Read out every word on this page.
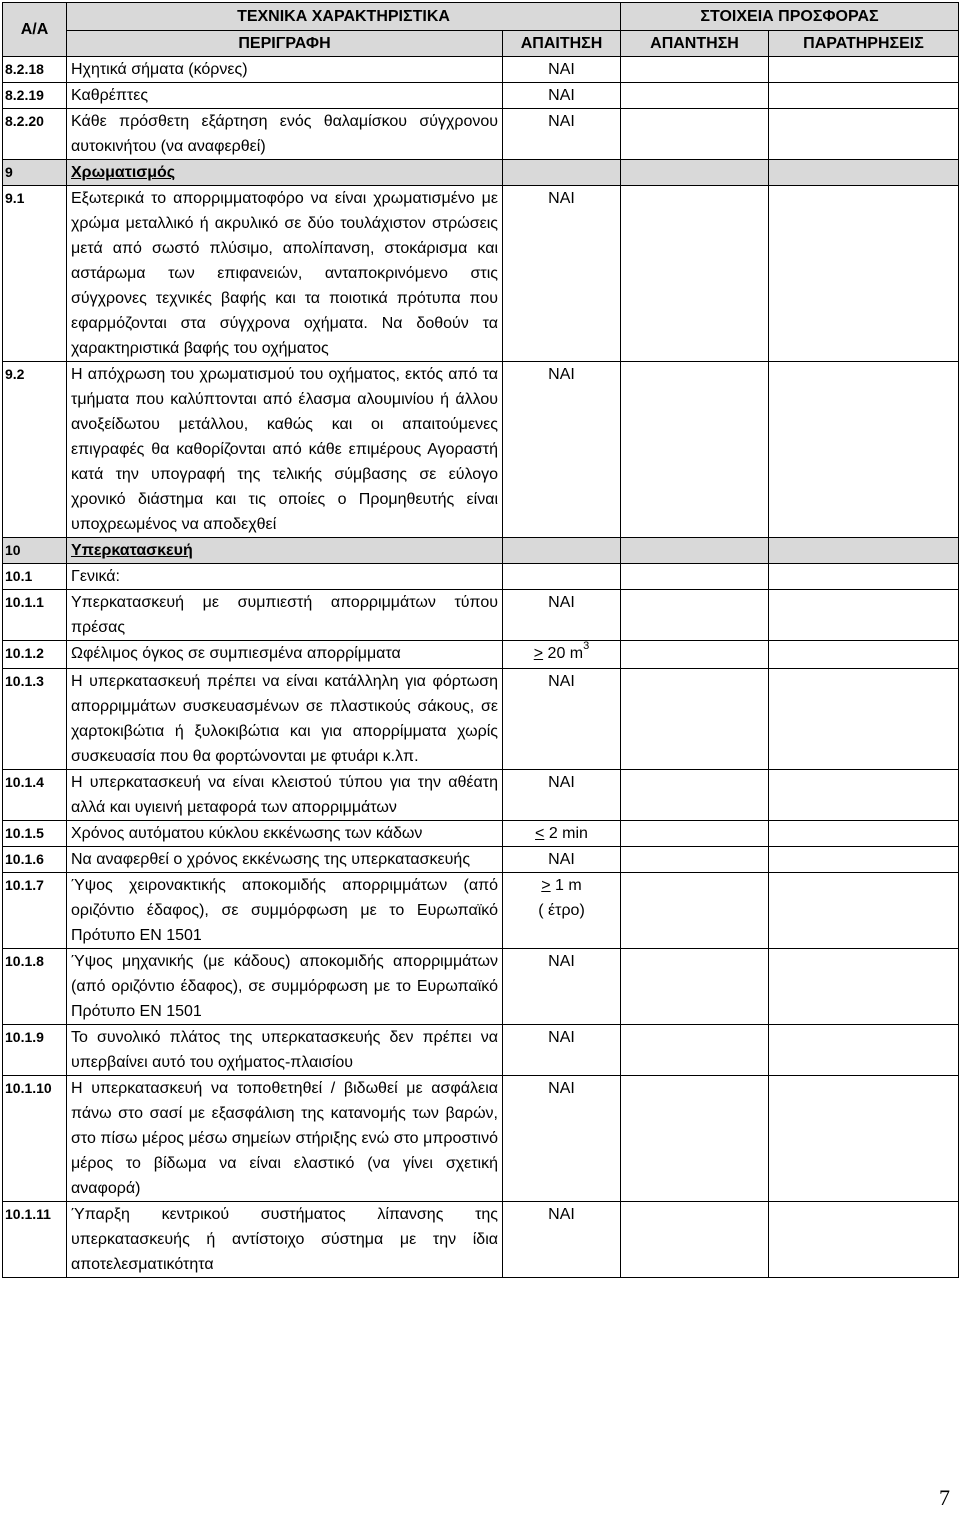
Α/Α	ΤΕΧΝΙΚΑ ΧΑΡΑΚΤΗΡΙΣΤΙΚΑ		ΣΤΟΙΧΕΙΑ ΠΡΟΣΦΟΡΑΣ	
	ΠΕΡΙΓΡΑΦΗ	ΑΠΑΙΤΗΣΗ	ΑΠΑΝΤΗΣΗ	ΠΑΡΑΤΗΡΗΣΕΙΣ
8.2.18	Ηχητικά σήματα (κόρνες)	ΝΑΙ		
8.2.19	Καθρέπτες	ΝΑΙ		
8.2.20	Κάθε πρόσθετη εξάρτηση ενός θαλαμίσκου σύγχρονου αυτοκινήτου (να αναφερθεί)	ΝΑΙ		
9	Χρωματισμός			
9.1	Εξωτερικά το απορριμματοφόρο να είναι χρωματισμένο με χρώμα μεταλλικό ή ακρυλικό σε δύο τουλάχιστον στρώσεις μετά από σωστό πλύσιμο, απολίπανση, στοκάρισμα και αστάρωμα των επιφανειών, ανταποκρινόμενο στις σύγχρονες τεχνικές βαφής και τα ποιοτικά πρότυπα που εφαρμόζονται στα σύγχρονα οχήματα. Να δοθούν τα χαρακτηριστικά βαφής του οχήματος	ΝΑΙ		
9.2	Η απόχρωση του χρωματισμού του οχήματος, εκτός από τα τμήματα που καλύπτονται από έλασμα αλουμινίου ή άλλου ανοξείδωτου μετάλλου, καθώς και οι απαιτούμενες επιγραφές θα καθορίζονται από κάθε επιμέρους Αγοραστή κατά την υπογραφή της τελικής σύμβασης σε εύλογο χρονικό διάστημα και τις οποίες ο Προμηθευτής είναι υποχρεωμένος να αποδεχθεί	ΝΑΙ		
10	Υπερκατασκευή			
10.1	Γενικά:			
10.1.1	Υπερκατασκευή με συμπιεστή απορριμμάτων τύπου πρέσας	ΝΑΙ		
10.1.2	Ωφέλιμος όγκος σε συμπιεσμένα απορρίμματα	> 20 $m^3$		
10.1.3	Η υπερκατασκευή πρέπει να είναι κατάλληλη για φόρτωση απορριμμάτων συσκευασμένων σε πλαστικούς σάκους, σε χαρτοκιβώτια ή ξυλοκιβώτια και για απορρίμματα χωρίς συσκευασία που θα φορτώνονται με φτυάρι κ.λπ.	ΝΑΙ		
10.1.4	Η υπερκατασκευή να είναι κλειστού τύπου για την αθέατη αλλά και υγιεινή μεταφορά των απορριμμάτων	ΝΑΙ		
10.1.5	Χρόνος αυτόματου κύκλου εκκένωσης των κάδων	< 2 min		
10.1.6	Να αναφερθεί ο χρόνος εκκένωσης της υπερκατασκευής	ΝΑΙ		
10.1.7	Ύψος χειρονακτικής αποκομιδής απορριμμάτων (από οριζόντιο έδαφος), σε συμμόρφωση με το Ευρωπαϊκό Πρότυπο ΕΝ 1501	> 1 m
( έτρο)		
10.1.8	Ύψος μηχανικής (με κάδους) αποκομιδής απορριμμάτων (από οριζόντιο έδαφος), σε συμμόρφωση με το Ευρωπαϊκό Πρότυπο ΕΝ 1501	ΝΑΙ		
10.1.9	Το συνολικό πλάτος της υπερκατασκευής δεν πρέπει να υπερβαίνει αυτό του οχήματος-πλαισίου	ΝΑΙ		
10.1.10	Η υπερκατασκευή να τοποθετηθεί / βιδωθεί με ασφάλεια πάνω στο σασί με εξασφάλιση της κατανομής των βαρών, στο πίσω μέρος μέσω σημείων στήριξης ενώ στο μπροστινό μέρος το βίδωμα να είναι ελαστικό (να γίνει σχετική αναφορά)	ΝΑΙ		
10.1.11	Ύπαρξη κεντρικού συστήματος λίπανσης της υπερκατασκευής ή αντίστοιχο σύστημα με την ίδια αποτελεσματικότητα	ΝΑΙ		
7
